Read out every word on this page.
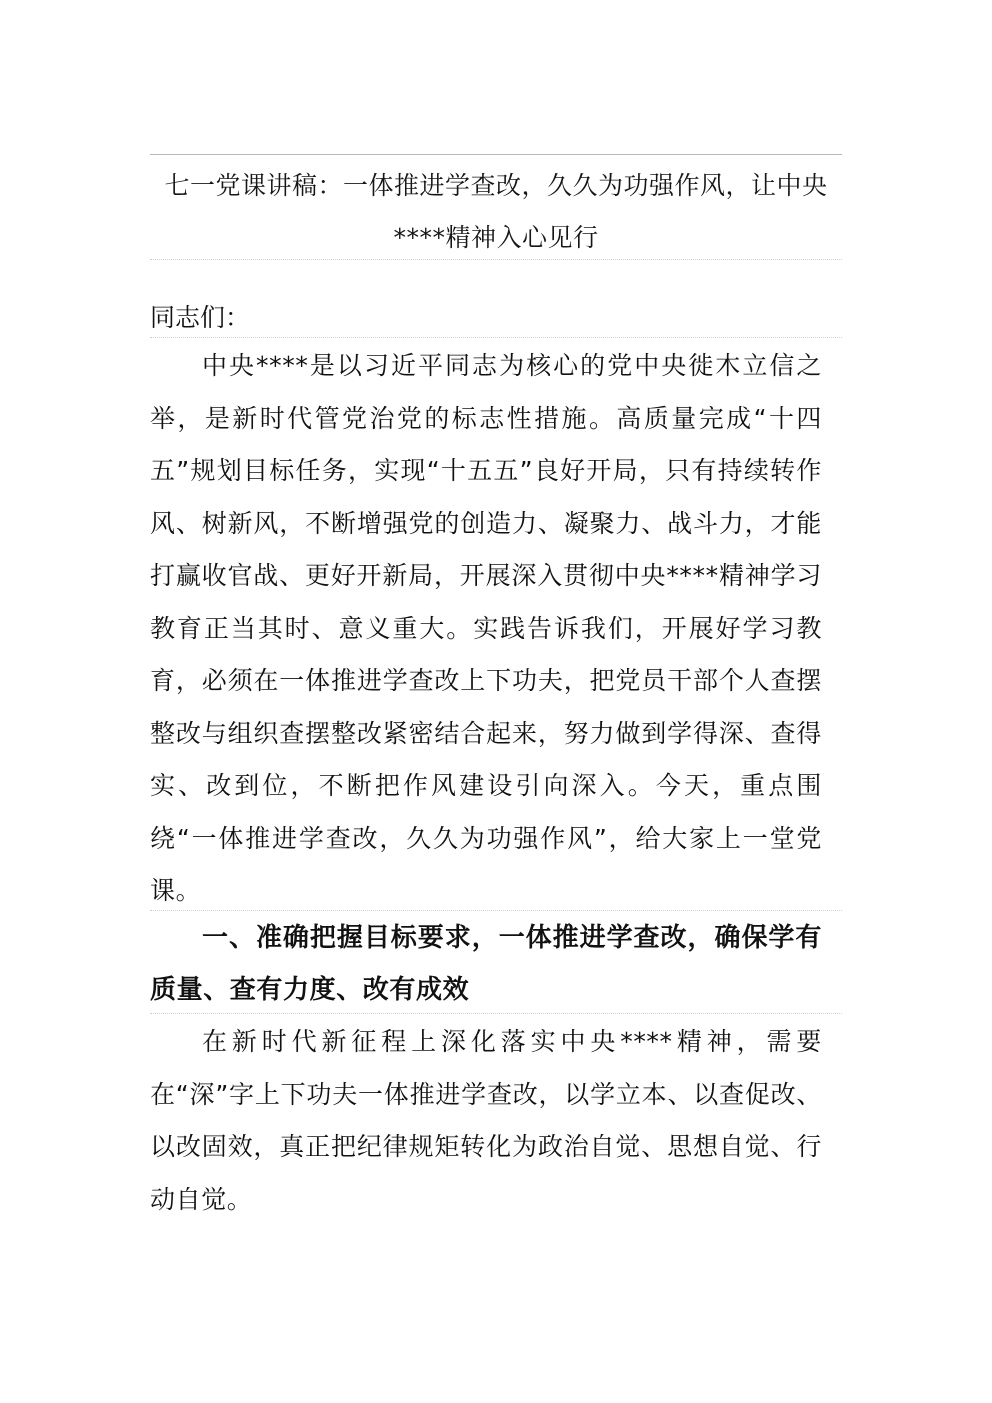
七一党课讲稿：一体推进学查改，久久为功强作风，让中央****精神入心见行
同志们：
中央****是以习近平同志为核心的党中央徙木立信之举，是新时代管党治党的标志性措施。高质量完成“十四五”规划目标任务，实现“十五五”良好开局，只有持续转作风、树新风，不断增强党的创造力、凝聚力、战斗力，才能打赢收官战、更好开新局，开展深入贯彻中央****精神学习教育正当其时、意义重大。实践告诉我们，开展好学习教育，必须在一体推进学查改上下功夫，把党员干部个人查摆整改与组织查摆整改紧密结合起来，努力做到学得深、查得实、改到位，不断把作风建设引向深入。今天，重点围绕“一体推进学查改，久久为功强作风”，给大家上一堂党课。
一、准确把握目标要求，一体推进学查改，确保学有质量、查有力度、改有成效
在新时代新征程上深化落实中央****精神，需要在“深”字上下功夫一体推进学查改，以学立本、以查促改、以改固效，真正把纪律规矩转化为政治自觉、思想自觉、行动自觉。
